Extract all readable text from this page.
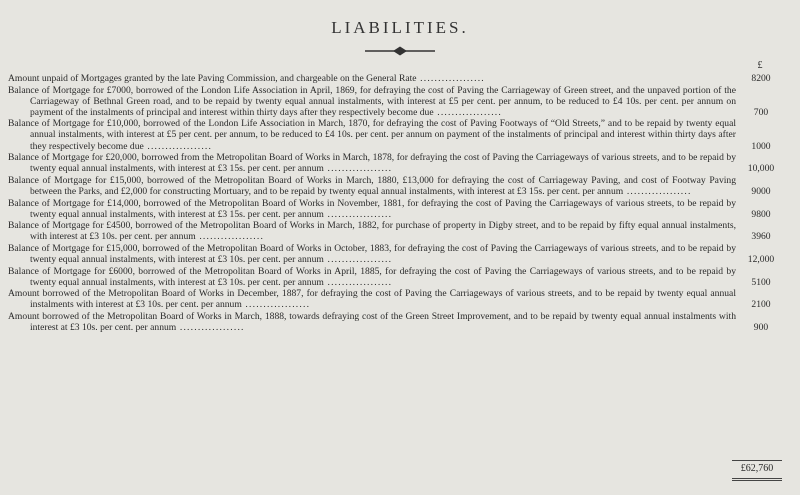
LIABILITIES.
£
Amount unpaid of Mortgages granted by the late Paving Commission, and chargeable on the General Rate ..................	8200
Balance of Mortgage for £7000, borrowed of the London Life Association in April, 1869, for defraying the cost of Paving the Carriageway of Green street, and the unpaved portion of the Carriageway of Bethnal Green road, and to be repaid by twenty equal annual instalments, with interest at £5 per cent. per annum, to be reduced to £4 10s. per cent. per annum on payment of the instalments of principal and interest within thirty days after they respectively become due ..................	700
Balance of Mortgage for £10,000, borrowed of the London Life Association in March, 1870, for defraying the cost of Paving Footways of “Old Streets,” and to be repaid by twenty equal annual instalments, with interest at £5 per cent. per annum, to be reduced to £4 10s. per cent. per annum on payment of the instalments of principal and interest within thirty days after they respectively become due ..................	1000
Balance of Mortgage for £20,000, borrowed from the Metropolitan Board of Works in March, 1878, for defraying the cost of Paving the Carriageways of various streets, and to be repaid by twenty equal annual instalments, with interest at £3 15s. per cent. per annum ..................	10,000
Balance of Mortgage for £15,000, borrowed of the Metropolitan Board of Works in March, 1880, £13,000 for defraying the cost of Carriageway Paving, and cost of Footway Paving between the Parks, and £2,000 for constructing Mortuary, and to be repaid by twenty equal annual instalments, with interest at £3 15s. per cent. per annum ..................	9000
Balance of Mortgage for £14,000, borrowed of the Metropolitan Board of Works in November, 1881, for defraying the cost of Paving the Carriageways of various streets, to be repaid by twenty equal annual instalments, with interest at £3 15s. per cent. per annum ..................	9800
Balance of Mortgage for £4500, borrowed of the Metropolitan Board of Works in March, 1882, for purchase of property in Digby street, and to be repaid by fifty equal annual instalments, with interest at £3 10s. per cent. per annum ..................	3960
Balance of Mortgage for £15,000, borrowed of the Metropolitan Board of Works in October, 1883, for defraying the cost of Paving the Carriageways of various streets, and to be repaid by twenty equal annual instalments, with interest at £3 10s. per cent. per annum ..................	12,000
Balance of Mortgage for £6000, borrowed of the Metropolitan Board of Works in April, 1885, for defraying the cost of Paving the Carriageways of various streets, and to be repaid by twenty equal annual instalments, with interest at £3 10s. per cent. per annum ..................	5100
Amount borrowed of the Metropolitan Board of Works in December, 1887, for defraying the cost of Paving the Carriageways of various streets, and to be repaid by twenty equal annual instalments with interest at £3 10s. per cent. per annum ..................	2100
Amount borrowed of the Metropolitan Board of Works in March, 1888, towards defraying cost of the Green Street Improvement, and to be repaid by twenty equal annual instalments with interest at £3 10s. per cent. per annum ..................	900
£62,760
